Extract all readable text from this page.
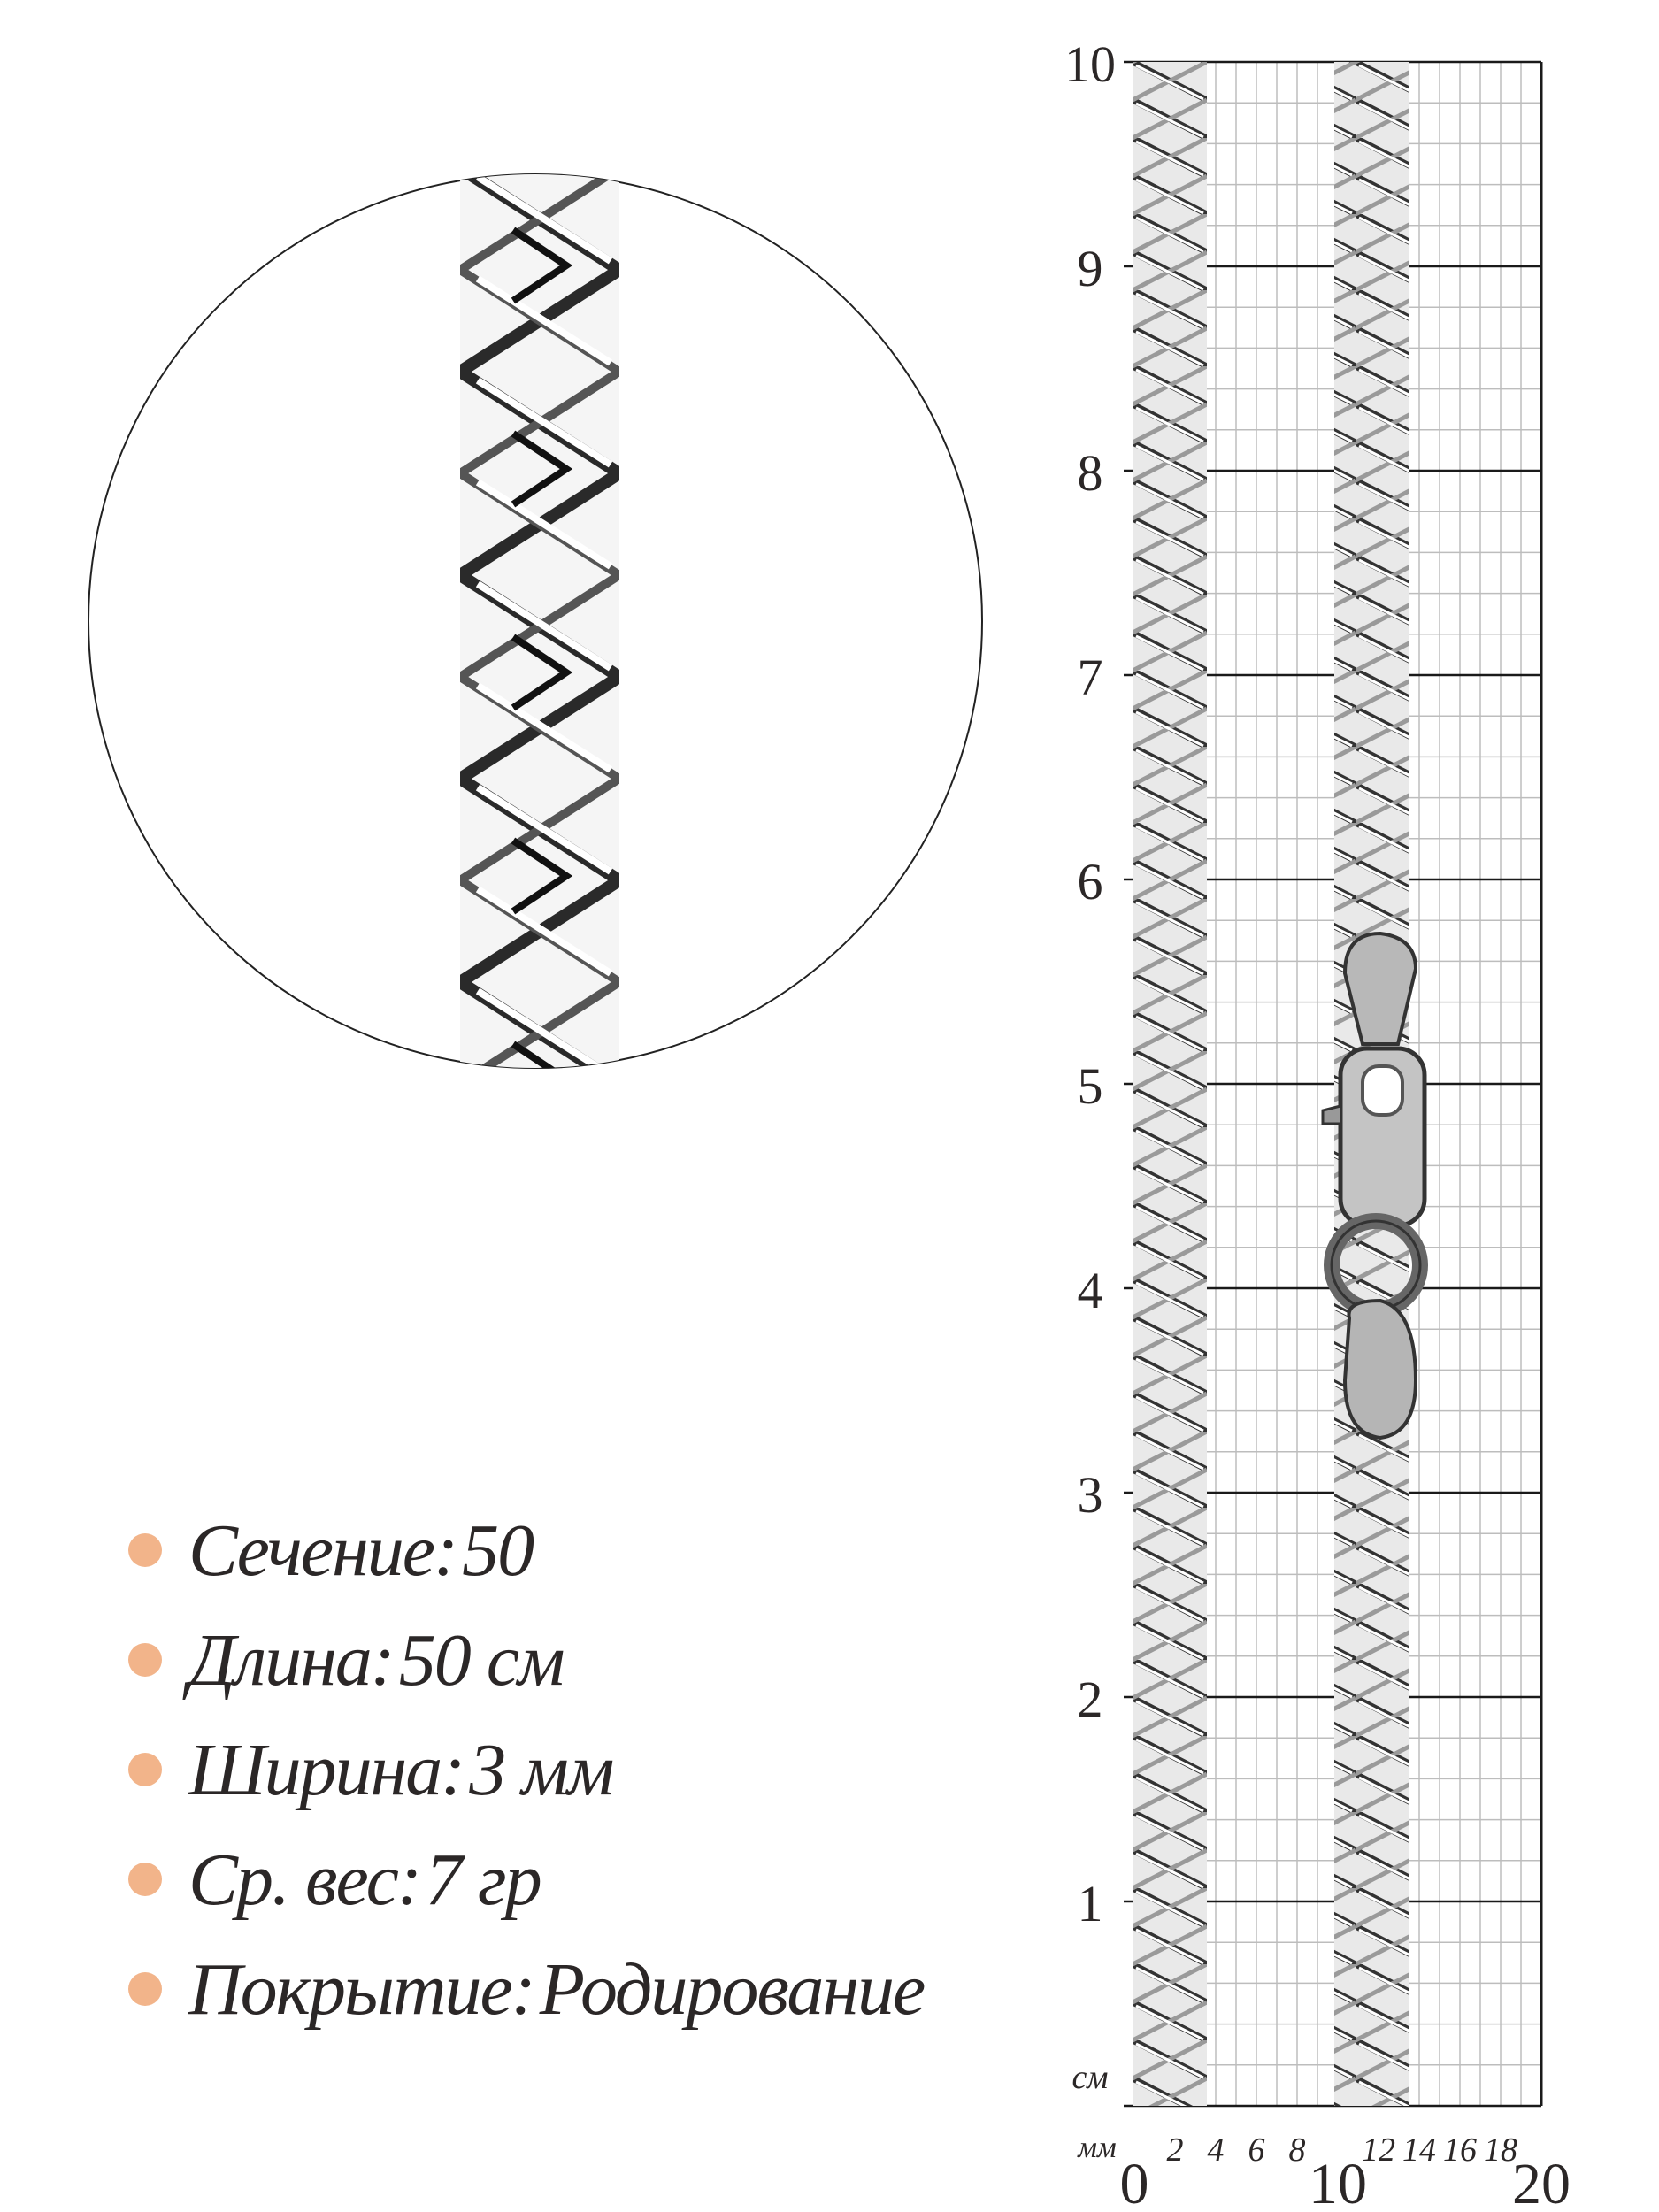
10
9
8
7
6
5
4
3
2
1
см
мм 2 4 6 8 12 14 16 18
0	10 20
Сечение: 50
Длина: 50 см
Ширина: 3 мм
Ср. вес: 7 гр
Покрытие: Родирование
